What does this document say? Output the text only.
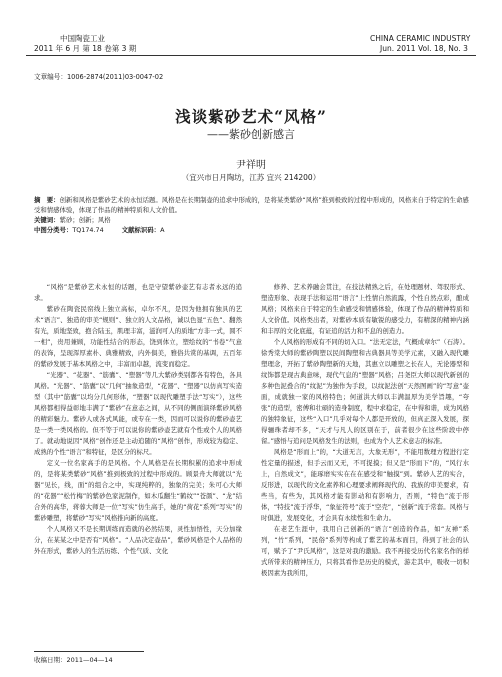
中国陶瓷工业
2011 年 6 月 第 18 卷第 3 期
CHINA CERAMIC INDUSTRY
Jun. 2011 Vol. 18, No. 3
文章编号：1006-2874(2011)03-0047-02
浅谈紫砂艺术“风格”
——紫砂创新感言
尹祥明
（宜兴市日月陶坊，江苏 宜兴 214200）
摘　要：创新和风格是紫砂艺术的永恒话题。风格是在长期制壶的追求中形成的，是将某类紫砂“风格”推到极致的过程中形成的，风格来自于特定的生命感受和情感体验，体现了作品的精神特质和人文价值。
关键词：紫砂；创新；风格
中图分类号：TQ174.74	文献标识码：A

“风格”是紫砂艺术永恒的话题，也是守望紫砂壶艺有志者永远的追求。

紫砂在陶瓷民窑线上独立高标，卓尔不凡，是因为他拥有独具的艺术“语言”、独造的审美“规则”、独立的人文品格，诚以色显“五色”、翻然有光，质地坚致，抱合陆玉，肌理丰富，滋润可人的质地“方非一式，圆不一相”，贵用兼顾，功能性结合的形态，饶到体立，塑绘纹的“书卷”气意的表饰，呈现浑厚素朴、典雅精致，内外俱美，雅俗共赏的基调，五百年的紫砂发展于基本风格之中，丰富而卓越，流变而稳定。

“光器”、“花器”、“筋囊”、“塑器”等几大紫砂类别都各有特色，各具风格。“光器”、“筋囊”以“几何”抽象造型，“花器”、“塑器”以仿真写实造型（其中“筋囊”以均分几何形体，“塑器”以现代雕塑手法“写实”），这些风格都相得益彰地丰满了“紫砂”在意态之间，从不同的侧面演绎紫砂风格的精彩魅力。紫砂人或各式风能，或专在一类，因而可以说你的紫砂壶艺是一类一类风格的。但不等于可以说你的紫砂壶艺就有个性或个人的风格了。就动地说因“风格”创作还是主动追随的“风格”创作，形成较为稳定、成熟的个性“语言”和特征，是区分的标尺。

定义一位名家高手的是风格。个人风格是在长期积累的追求中形成的，是将某类紫砂“风格”推到极致的过程中形成的。顾景舟大师就以“光器”见长，线，面“的组合之中，实现纯粹的，独象的完美；朱可心大师的“花器”“松竹梅”的紫砂色家泥制作，如木瓜翻生“鹤纹”“苍颜”、“龙”结合外的高华，蒋蓉大师是一位“写实”仿生高手，她的“荷花”系列“写实”的紫砂雕塑，将紫砂“写实”风格推向新的高度。

个人风格又不是长期训练而造就的必然结果，灵性加悟性，天分加缘分，在某某之中是否有“风格”。“人品决定壶品”，紫砂风格是个人品格的外在形式，紫砂人的生活历练、个性气质、文化

修养、艺术养融会贯注，在技法精熟之后，在处理题材、驾驭形式、塑造形象、表现手法和运用“语言”上性情自然流露，个性自然点彩，酿成风格；风格来自于特定的生命感受和情感体验，体现了作品的精神特质和人文价值。风格类出者，对紫砂本质有敏锐的感受力，有精深的精神内涵和丰厚的文化底蕴，有证追的活力和不息的创造力。

个人风格的形成有不同的切入口。“法无定法，气概成章尔”（石涛）。徐秀棠大师的紫砂陶塑以民间陶塑和古典器具等美学元素，又融入现代雕塑理念，开拓了紫砂陶塑新的天地，其惠立以雕塑之长在人，无论器型和纹饰都是现古典意味，现代气息的“塑器”风格；吕尧臣大师以现代新创的多种色泥叠合的“纹泥”为独作为手段，以纹泥法创“天然图画”的“写意”壶面，成就独一家的风格特色；何道洪大师以丰满温厚为美学旨趣，“夸张”的造型，密傅和壮硕的造身制度，程中求稳定，在中得和谐，成为风格的独特象征，这些“入口”几乎对每个人都是开放的，但真正深入发展，探得骊珠者却不多，“天才与凡人的区别在于，前者很少在这些阶段中停留。”感悟与追问是风格发生的法则，也成为个人艺术意志的标准。

风格是“形而上”的，“大道无言，大象无形”，不能用数理方程进行定性定量的描述，但手云而又无，不可捉摸；但又是“形而下”的，“风行水上，自然成文”，能琢磨实实在在在感受和“触摸”到。紫砂人艺的实合，反形进，以现代的文化素养和心理要求阐释现代的、我族的审美要求，有些当，有些为，其风格才能有影动和有影响力，否则，“特色”流于形体，“特技”流于浮华，“象征符号”流于“空壳”，“创新”流于常套。风格与时俱进，发展变化，才会具有永续性和生命力。

在老艺生涯中，我用自己创新的“语言”创造的作品，如“友禅”系列，“竹”系列，“民俗”系列等构成了紫艺的基本面目，得到了社会的认可，赋予了“尹氏风格”，这是对我的激励。我不再接受历代名家名作的样式所带来的精神压力，只将其看作是历史的模式，游走其中，吸收一切积极因素为我所用，

收稿日期：2011—04—14
